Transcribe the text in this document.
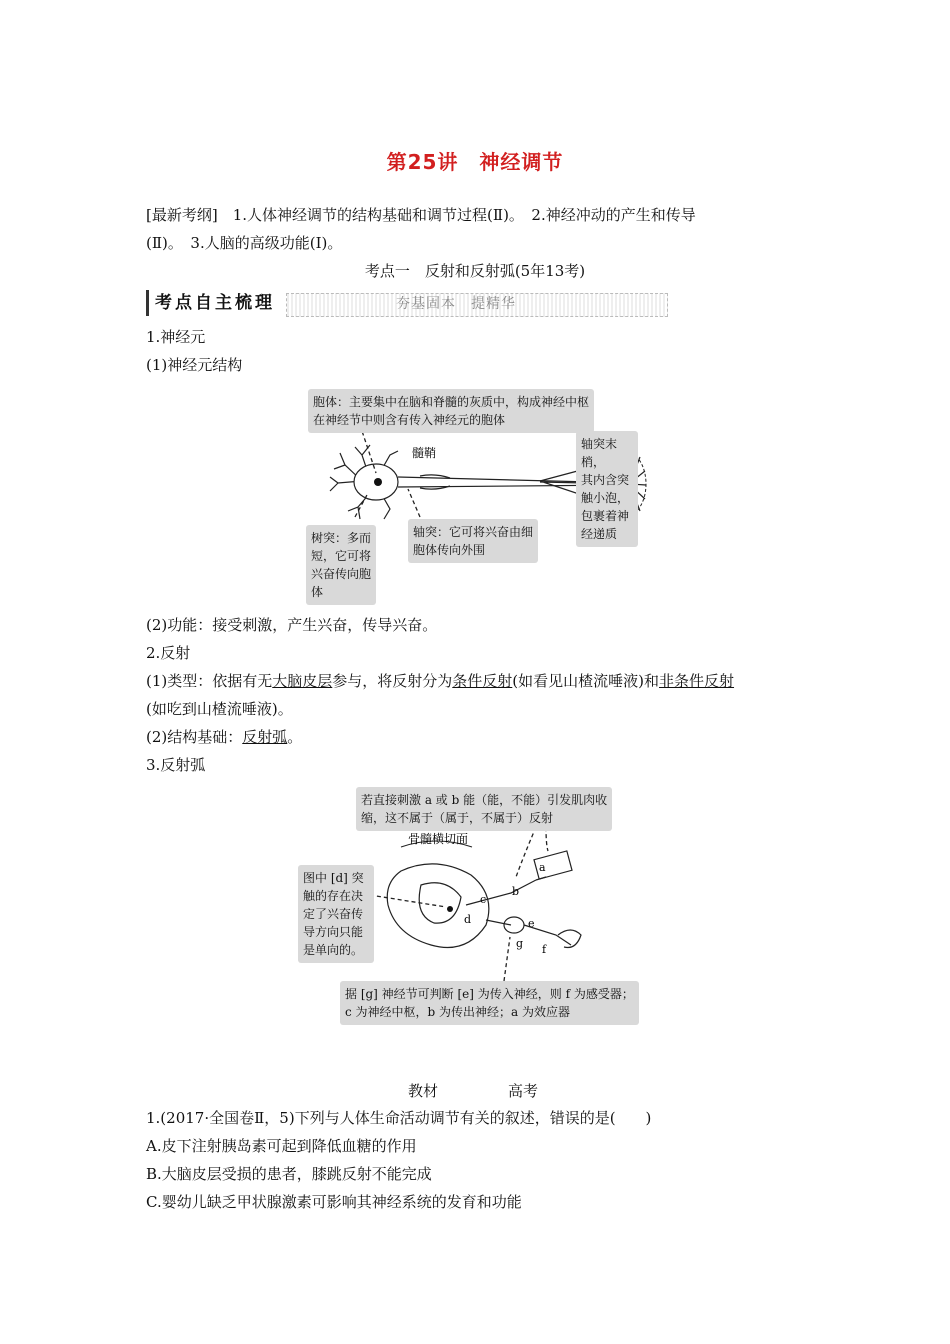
第25讲　神经调节
[最新考纲]　1.人体神经调节的结构基础和调节过程(Ⅱ)。　2.神经冲动的产生和传导
(Ⅱ)。　3.人脑的高级功能(Ⅰ)。
考点一　反射和反射弧(5年13考)
考点自主梳理	夯基固本　提精华
1.神经元
(1)神经元结构
髓鞘
胞体：主要集中在脑和脊髓的灰质中，构成神经中枢
在神经节中则含有传入神经元的胞体
树突：多而
短，它可将
兴奋传向胞
体
轴突：它可将兴奋由细
胞体传向外围
轴突末梢，
其内含突
触小泡，
包裹着神
经递质
(2)功能：接受刺激，产生兴奋，传导兴奋。
2.反射
(1)类型：依据有无大脑皮层参与，将反射分为条件反射(如看见山楂流唾液)和非条件反射
(如吃到山楂流唾液)。
(2)结构基础：反射弧。
3.反射弧
骨髓横切面
a
b
c
d	e
f
g
若直接刺激 a 或 b 能（能，不能）引发肌肉收
缩，这不属于（属于，不属于）反射
图中 [d] 突
触的存在决
定了兴奋传
导方向只能
是单向的。
据 [g] 神经节可判断 [e] 为传入神经，则 f 为感受器；
c 为神经中枢，b 为传出神经；a 为效应器
教材	高考
1.(2017·全国卷Ⅱ，5)下列与人体生命活动调节有关的叙述，错误的是(　　)
A.皮下注射胰岛素可起到降低血糖的作用
B.大脑皮层受损的患者，膝跳反射不能完成
C.婴幼儿缺乏甲状腺激素可影响其神经系统的发育和功能
